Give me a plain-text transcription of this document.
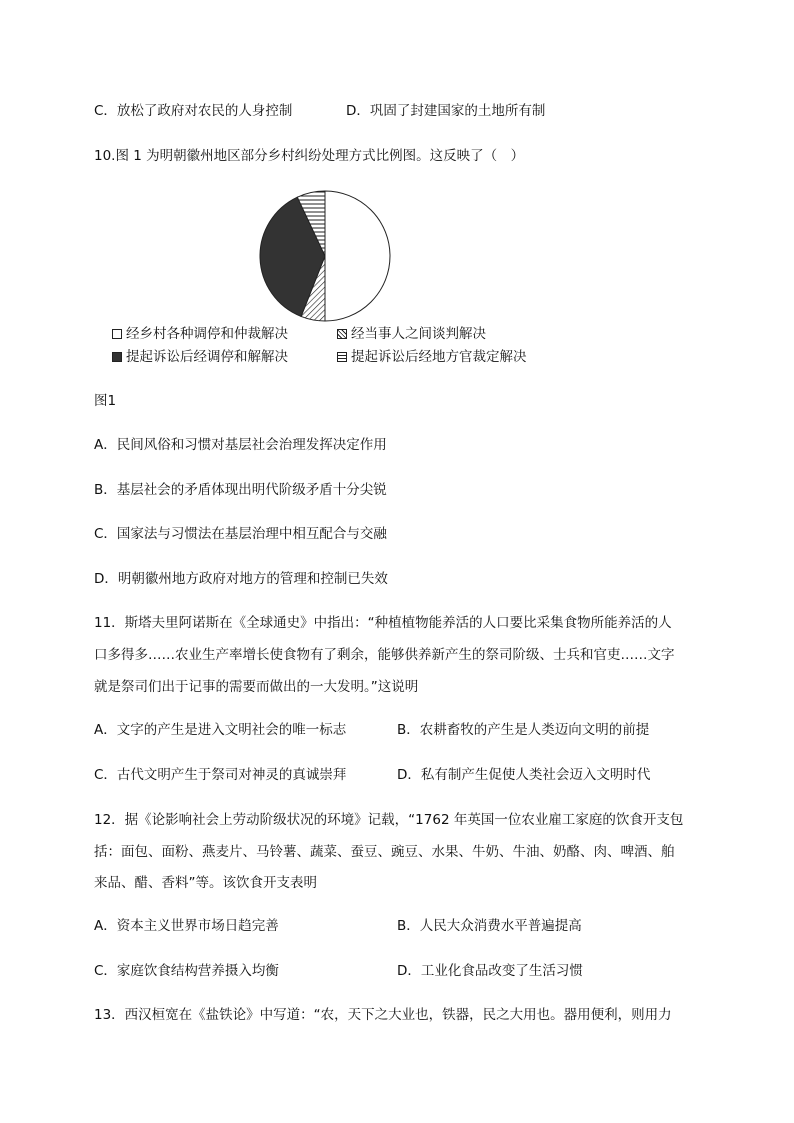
C．放松了政府对农民的人身控制	D．巩固了封建国家的土地所有制
10.图 1 为明朝徽州地区部分乡村纠纷处理方式比例图。这反映了（　）
经乡村各种调停和仲裁解决	经当事人之间谈判解决
提起诉讼后经调停和解解决	提起诉讼后经地方官裁定解决
图1
A．民间风俗和习惯对基层社会治理发挥决定作用
B．基层社会的矛盾体现出明代阶级矛盾十分尖锐
C．国家法与习惯法在基层治理中相互配合与交融
D．明朝徽州地方政府对地方的管理和控制已失效
11．斯塔夫里阿诺斯在《全球通史》中指出：“种植植物能养活的人口要比采集食物所能养活的人
口多得多……农业生产率增长使食物有了剩余，能够供养新产生的祭司阶级、士兵和官吏……文字
就是祭司们出于记事的需要而做出的一大发明。”这说明
A．文字的产生是进入文明社会的唯一标志	B．农耕畜牧的产生是人类迈向文明的前提
C．古代文明产生于祭司对神灵的真诚崇拜	D．私有制产生促使人类社会迈入文明时代
12．据《论影响社会上劳动阶级状况的环境》记载，“1762 年英国一位农业雇工家庭的饮食开支包
括：面包、面粉、燕麦片、马铃薯、蔬菜、蚕豆、豌豆、水果、牛奶、牛油、奶酪、肉、啤酒、舶
来品、醋、香料”等。该饮食开支表明
A．资本主义世界市场日趋完善	B．人民大众消费水平普遍提高
C．家庭饮食结构营养摄入均衡	D．工业化食品改变了生活习惯
13．西汉桓宽在《盐铁论》中写道：“农，天下之大业也，铁器，民之大用也。器用便利，则用力
